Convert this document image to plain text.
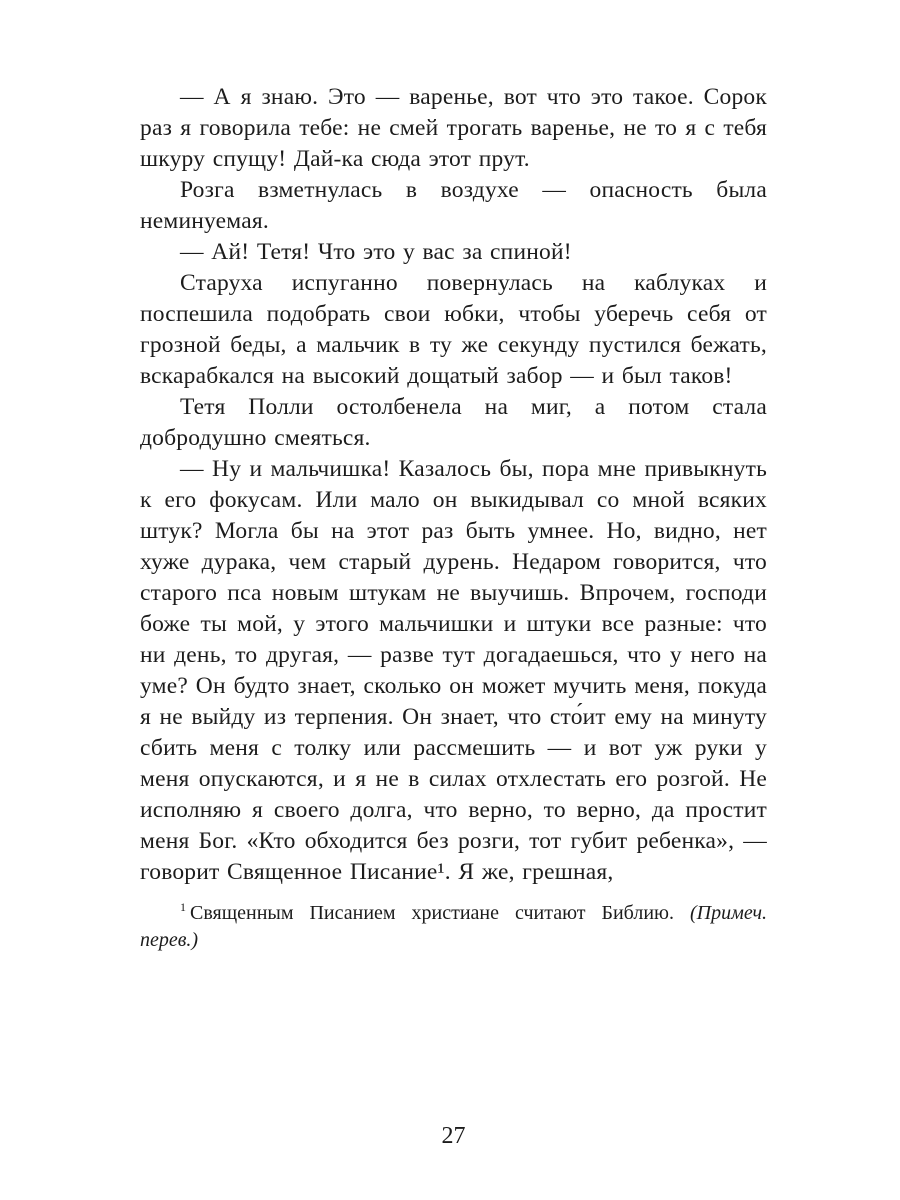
— А я знаю. Это — варенье, вот что это такое. Сорок раз я говорила тебе: не смей трогать варенье, не то я с тебя шкуру спущу! Дай-ка сюда этот прут.

Розга взметнулась в воздухе — опасность была неминуемая.

— Ай! Тетя! Что это у вас за спиной!

Старуха испуганно повернулась на каблуках и поспешила подобрать свои юбки, чтобы уберечь себя от грозной беды, а мальчик в ту же секунду пустился бежать, вскарабкался на высокий дощатый забор — и был таков!

Тетя Полли остолбенела на миг, а потом стала добродушно смеяться.

— Ну и мальчишка! Казалось бы, пора мне привыкнуть к его фокусам. Или мало он выкидывал со мной всяких штук? Могла бы на этот раз быть умнее. Но, видно, нет хуже дурака, чем старый дурень. Недаром говорится, что старого пса новым штукам не выучишь. Впрочем, господи боже ты мой, у этого мальчишки и штуки все разные: что ни день, то другая, — разве тут догадаешься, что у него на уме? Он будто знает, сколько он может мучить меня, покуда я не выйду из терпения. Он знает, что сто́ит ему на минуту сбить меня с толку или рассмешить — и вот уж руки у меня опускаются, и я не в силах отхлестать его розгой. Не исполняю я своего долга, что верно, то верно, да простит меня Бог. «Кто обходится без розги, тот губит ребенка», — говорит Священное Писание¹. Я же, грешная,

$^1$ Священным Писанием христиане считают Библию. (Примеч. перев.)
27
